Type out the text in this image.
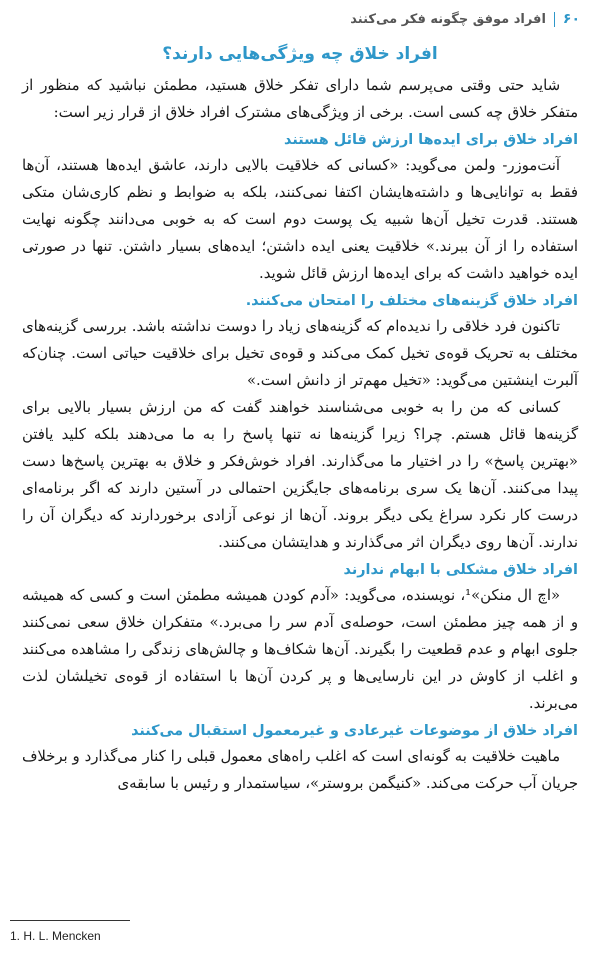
۶۰
افراد موفق چگونه فکر می‌کنند
افراد خلاق چه ویژگی‌هایی دارند؟

شاید حتی وقتی می‌پرسم شما دارای تفکر خلاق هستید، مطمئن نباشید که منظور از متفکر خلاق چه کسی است. برخی از ویژگی‌های مشترک افراد خلاق از قرار زیر است:

افراد خلاق برای ایده‌ها ارزش قائل هستند

آنت‌موزر- ولمن می‌گوید: «کسانی که خلاقیت بالایی دارند، عاشق ایده‌ها هستند، آن‌ها فقط به توانایی‌ها و داشته‌هایشان اکتفا نمی‌کنند، بلکه به ضوابط و نظم کاری‌شان متکی هستند. قدرت تخیل آن‌ها شبیه یک پوست دوم است که به خوبی می‌دانند چگونه نهایت استفاده را از آن ببرند.» خلاقیت یعنی ایده داشتن؛ ایده‌های بسیار داشتن. تنها در صورتی ایده خواهید داشت که برای ایده‌ها ارزش قائل شوید.

افراد خلاق گزینه‌های مختلف را امتحان می‌کنند.

تاکنون فرد خلاقی را ندیده‌ام که گزینه‌های زیاد را دوست نداشته باشد. بررسی گزینه‌های مختلف به تحریک قوه‌ی تخیل کمک می‌کند و قوه‌ی تخیل برای خلاقیت حیاتی است. چنان‌که آلبرت اینشتین می‌گوید: «تخیل مهم‌تر از دانش است.»

کسانی که من را به خوبی می‌شناسند خواهند گفت که من ارزش بسیار بالایی برای گزینه‌ها قائل هستم. چرا؟ زیرا گزینه‌ها نه تنها پاسخ را به ما می‌دهند بلکه کلید یافتن «بهترین پاسخ» را در اختیار ما می‌گذارند. افراد خوش‌فکر و خلاق به بهترین پاسخ‌ها دست پیدا می‌کنند. آن‌ها یک سری برنامه‌های جایگزین احتمالی در آستین دارند که اگر برنامه‌ای درست کار نکرد سراغ یکی دیگر بروند. آن‌ها از نوعی آزادی برخوردارند که دیگران آن را ندارند. آن‌ها روی دیگران اثر می‌گذارند و هدایتشان می‌کنند.

افراد خلاق مشکلی با ابهام ندارند

«اچ ال منکن»¹، نویسنده، می‌گوید: «آدم کودن همیشه مطمئن است و کسی که همیشه و از همه چیز مطمئن است، حوصله‌ی آدم سر را می‌برد.» متفکران خلاق سعی نمی‌کنند جلوی ابهام و عدم قطعیت را بگیرند. آن‌ها شکاف‌ها و چالش‌های زندگی را مشاهده می‌کنند و اغلب از کاوش در این نارسایی‌ها و پر کردن آن‌ها با استفاده از قوه‌ی تخیلشان لذت می‌برند.

افراد خلاق از موضوعات غیرعادی و غیرمعمول استقبال می‌کنند

ماهیت خلاقیت به گونه‌ای است که اغلب راه‌های معمول قبلی را کنار می‌گذارد و برخلاف جریان آب حرکت می‌کند. «کنیگمن بروستر»، سیاستمدار و رئیس با سابقه‌ی

1. H. L. Mencken
